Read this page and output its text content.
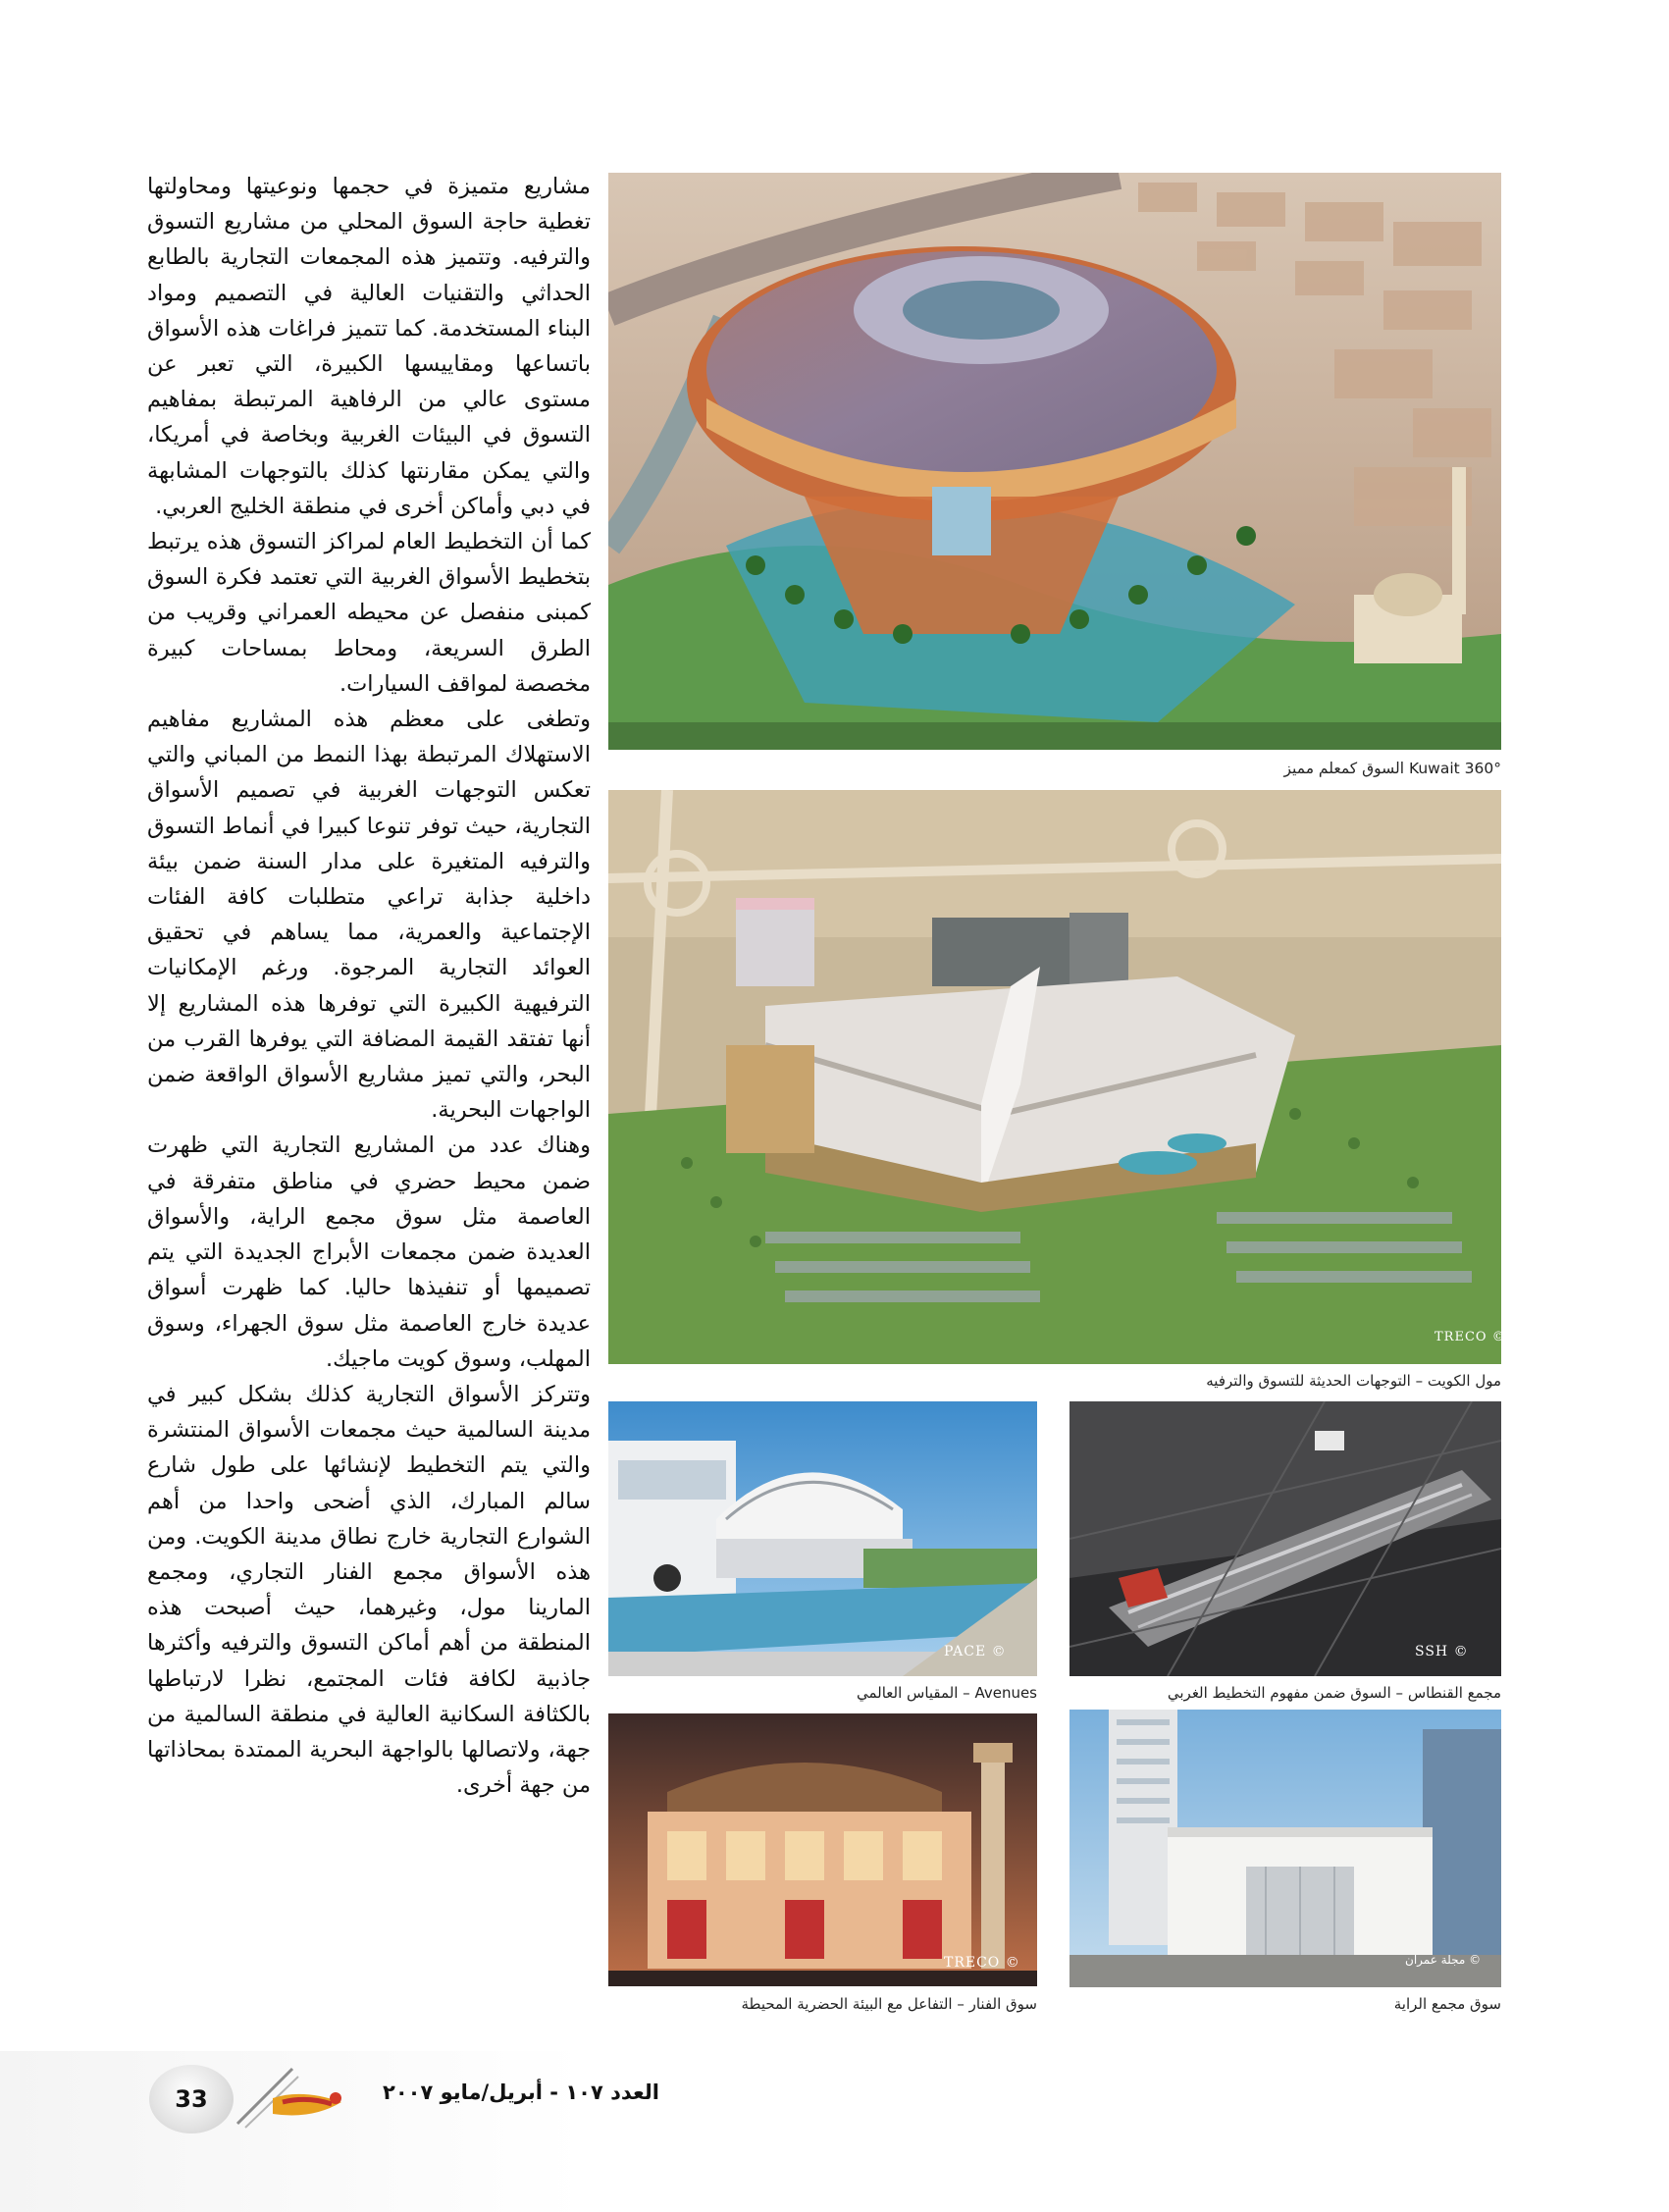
مشاريع متميزة في حجمها ونوعيتها ومحاولتها تغطية حاجة السوق المحلي من مشاريع التسوق والترفيه. وتتميز هذه المجمعات التجارية بالطابع الحداثي والتقنيات العالية في التصميم ومواد البناء المستخدمة. كما تتميز فراغات هذه الأسواق باتساعها ومقاييسها الكبيرة، التي تعبر عن مستوى عالي من الرفاهية المرتبطة بمفاهيم التسوق في البيئات الغربية وبخاصة في أمريكا، والتي يمكن مقارنتها كذلك بالتوجهات المشابهة في دبي وأماكن أخرى في منطقة الخليج العربي.

كما أن التخطيط العام لمراكز التسوق هذه يرتبط بتخطيط الأسواق الغربية التي تعتمد فكرة السوق كمبنى منفصل عن محيطه العمراني وقريب من الطرق السريعة، ومحاط بمساحات كبيرة مخصصة لمواقف السيارات.

وتطغى على معظم هذه المشاريع مفاهيم الاستهلاك المرتبطة بهذا النمط من المباني والتي تعكس التوجهات الغربية في تصميم الأسواق التجارية، حيث توفر تنوعا كبيرا في أنماط التسوق والترفيه المتغيرة على مدار السنة ضمن بيئة داخلية جذابة تراعي متطلبات كافة الفئات الإجتماعية والعمرية، مما يساهم في تحقيق العوائد التجارية المرجوة. ورغم الإمكانيات الترفيهية الكبيرة التي توفرها هذه المشاريع إلا أنها تفتقد القيمة المضافة التي يوفرها القرب من البحر، والتي تميز مشاريع الأسواق الواقعة ضمن الواجهات البحرية.

وهناك عدد من المشاريع التجارية التي ظهرت ضمن محيط حضري في مناطق متفرقة في العاصمة مثل سوق مجمع الراية، والأسواق العديدة ضمن مجمعات الأبراج الجديدة التي يتم تصميمها أو تنفيذها حاليا. كما ظهرت أسواق عديدة خارج العاصمة مثل سوق الجهراء، وسوق المهلب، وسوق كويت ماجيك.

وتتركز الأسواق التجارية كذلك بشكل كبير في مدينة السالمية حيث مجمعات الأسواق المنتشرة والتي يتم التخطيط لإنشائها على طول شارع سالم المبارك، الذي أضحى واحدا من أهم الشوارع التجارية خارج نطاق مدينة الكويت. ومن هذه الأسواق مجمع الفنار التجاري، ومجمع المارينا مول، وغيرهما، حيث أصبحت هذه المنطقة من أهم أماكن التسوق والترفيه وأكثرها جاذبية لكافة فئات المجتمع، نظرا لارتباطها بالكثافة السكانية العالية في منطقة السالمية من جهة، ولاتصالها بالواجهة البحرية الممتدة بمحاذاتها من جهة أخرى.

360° Kuwait السوق كمعلم مميز
© TRECO
مول الكويت – التوجهات الحديثة للتسوق والترفيه
© PACE
Avenues – المقياس العالمي
© SSH
مجمع القنطاس – السوق ضمن مفهوم التخطيط الغربي
© TRECO
سوق الفنار – التفاعل مع البيئة الحضرية المحيطة
© مجلة عمران
سوق مجمع الراية
33	العدد ١٠٧ - أبريل/مايو ٢٠٠٧
